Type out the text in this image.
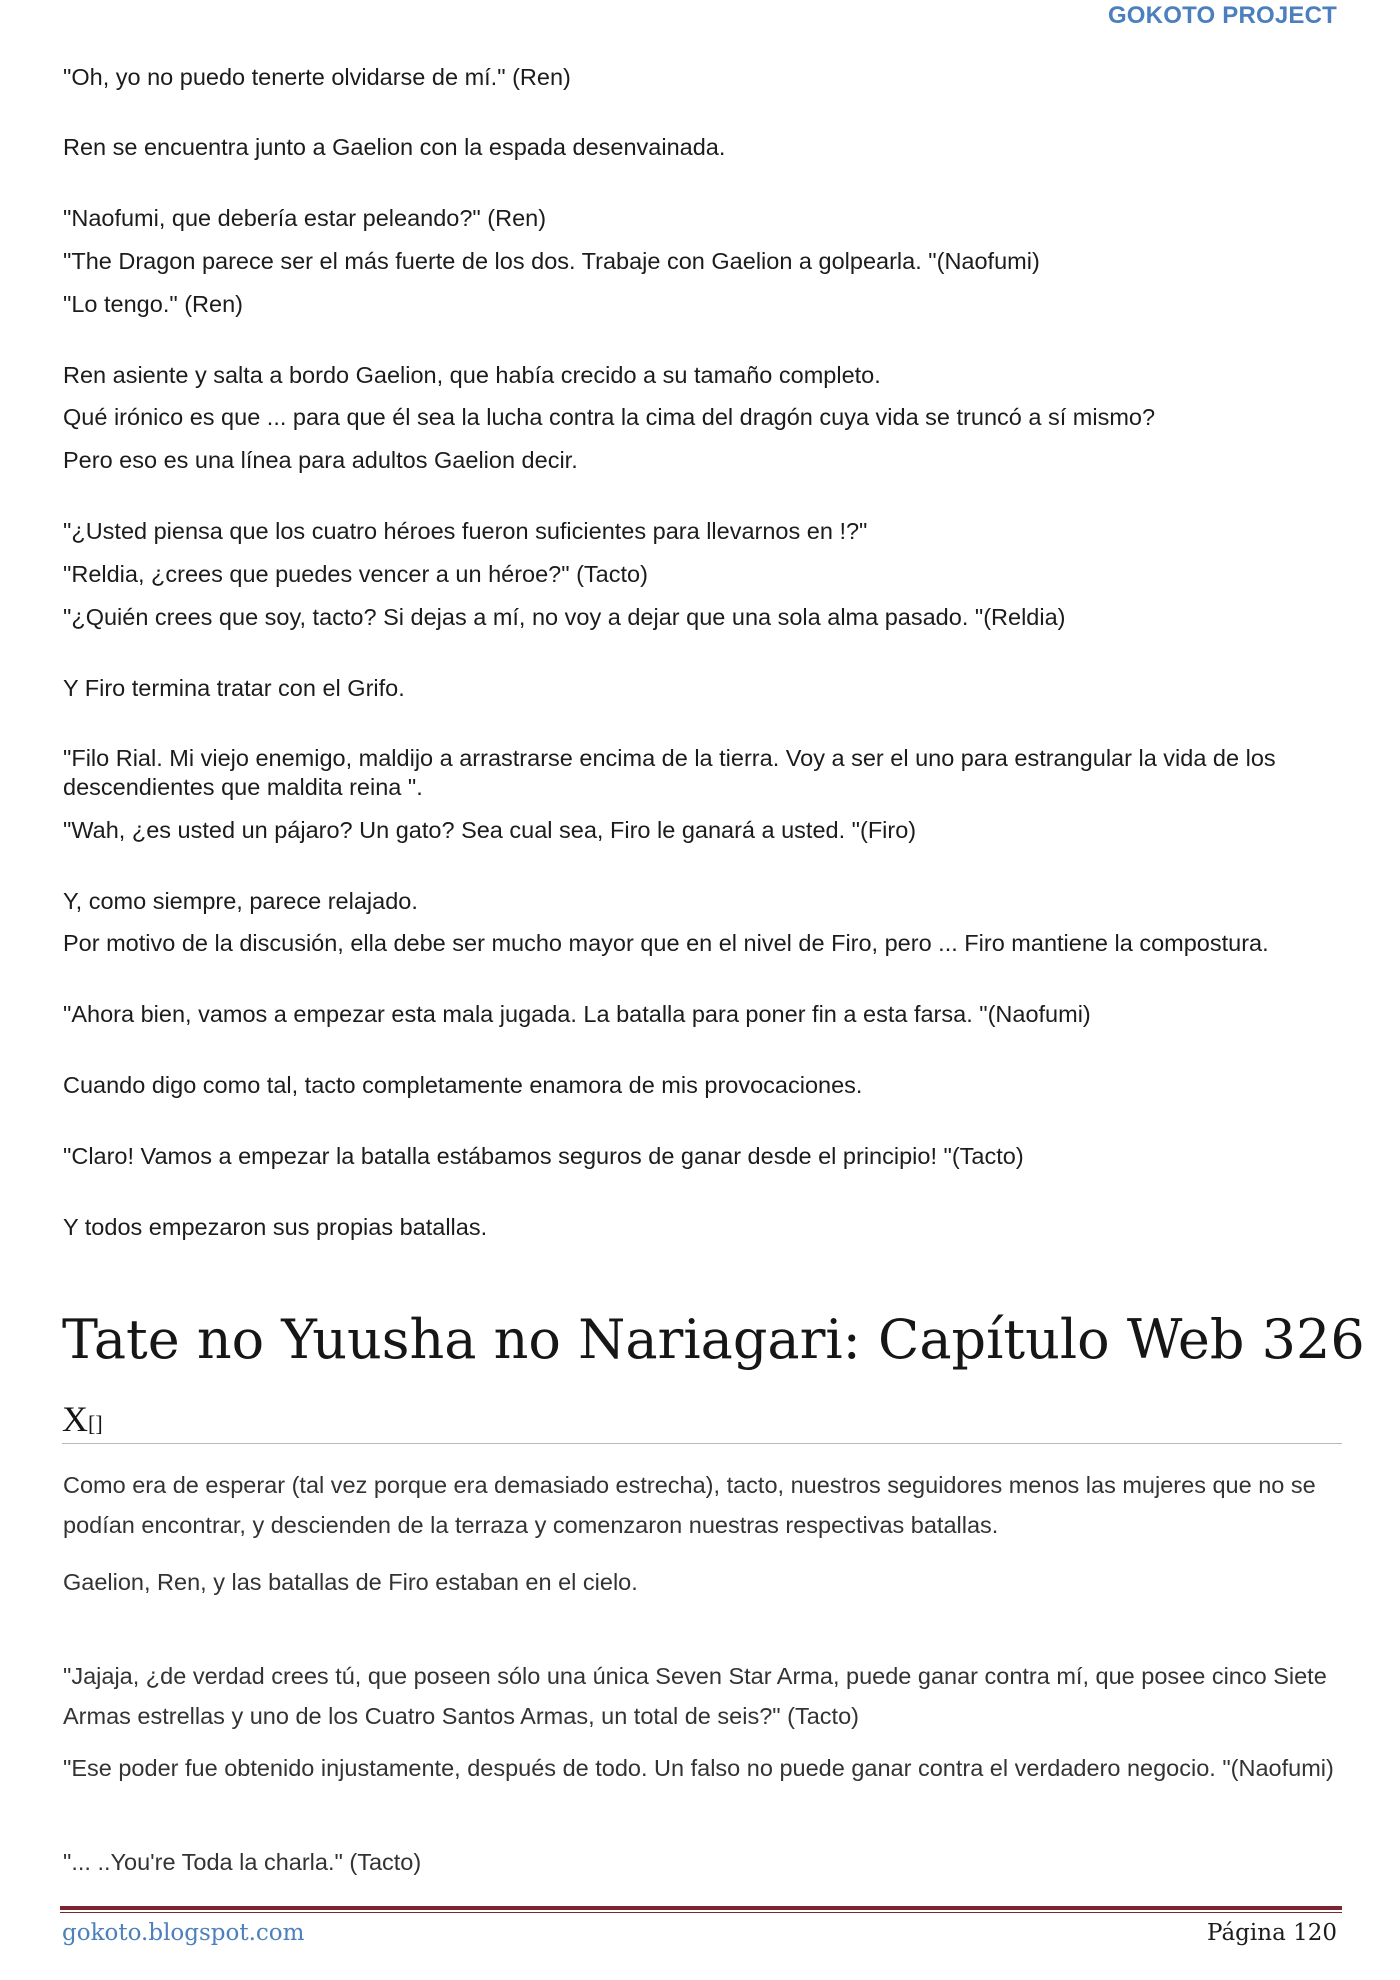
GOKOTO PROJECT

"Oh, yo no puedo tenerte olvidarse de mí." (Ren)

Ren se encuentra junto a Gaelion con la espada desenvainada.

"Naofumi, que debería estar peleando?" (Ren)

"The Dragon parece ser el más fuerte de los dos. Trabaje con Gaelion a golpearla. "(Naofumi)

"Lo tengo." (Ren)

Ren asiente y salta a bordo Gaelion, que había crecido a su tamaño completo.

Qué irónico es que ... para que él sea la lucha contra la cima del dragón cuya vida se truncó a sí mismo?

Pero eso es una línea para adultos Gaelion decir.

"¿Usted piensa que los cuatro héroes fueron suficientes para llevarnos en !?"

"Reldia, ¿crees que puedes vencer a un héroe?" (Tacto)

"¿Quién crees que soy, tacto? Si dejas a mí, no voy a dejar que una sola alma pasado. "(Reldia)

Y Firo termina tratar con el Grifo.

"Filo Rial. Mi viejo enemigo, maldijo a arrastrarse encima de la tierra. Voy a ser el uno para estrangular la vida de los descendientes que maldita reina ".

"Wah, ¿es usted un pájaro? Un gato? Sea cual sea, Firo le ganará a usted. "(Firo)

Y, como siempre, parece relajado.

Por motivo de la discusión, ella debe ser mucho mayor que en el nivel de Firo, pero ... Firo mantiene la compostura.

"Ahora bien, vamos a empezar esta mala jugada. La batalla para poner fin a esta farsa. "(Naofumi)

Cuando digo como tal, tacto completamente enamora de mis provocaciones.

"Claro! Vamos a empezar la batalla estábamos seguros de ganar desde el principio! "(Tacto)

Y todos empezaron sus propias batallas.

Tate no Yuusha no Nariagari: Capítulo Web 326
X[]

Como era de esperar (tal vez porque era demasiado estrecha), tacto, nuestros seguidores menos las mujeres que no se podían encontrar, y descienden de la terraza y comenzaron nuestras respectivas batallas.

Gaelion, Ren, y las batallas de Firo estaban en el cielo.

"Jajaja, ¿de verdad crees tú, que poseen sólo una única Seven Star Arma, puede ganar contra mí, que posee cinco Siete Armas estrellas y uno de los Cuatro Santos Armas, un total de seis?" (Tacto)

"Ese poder fue obtenido injustamente, después de todo. Un falso no puede ganar contra el verdadero negocio. "(Naofumi)

"... ..You're Toda la charla." (Tacto)

gokoto.blogspot.com	Página 120
